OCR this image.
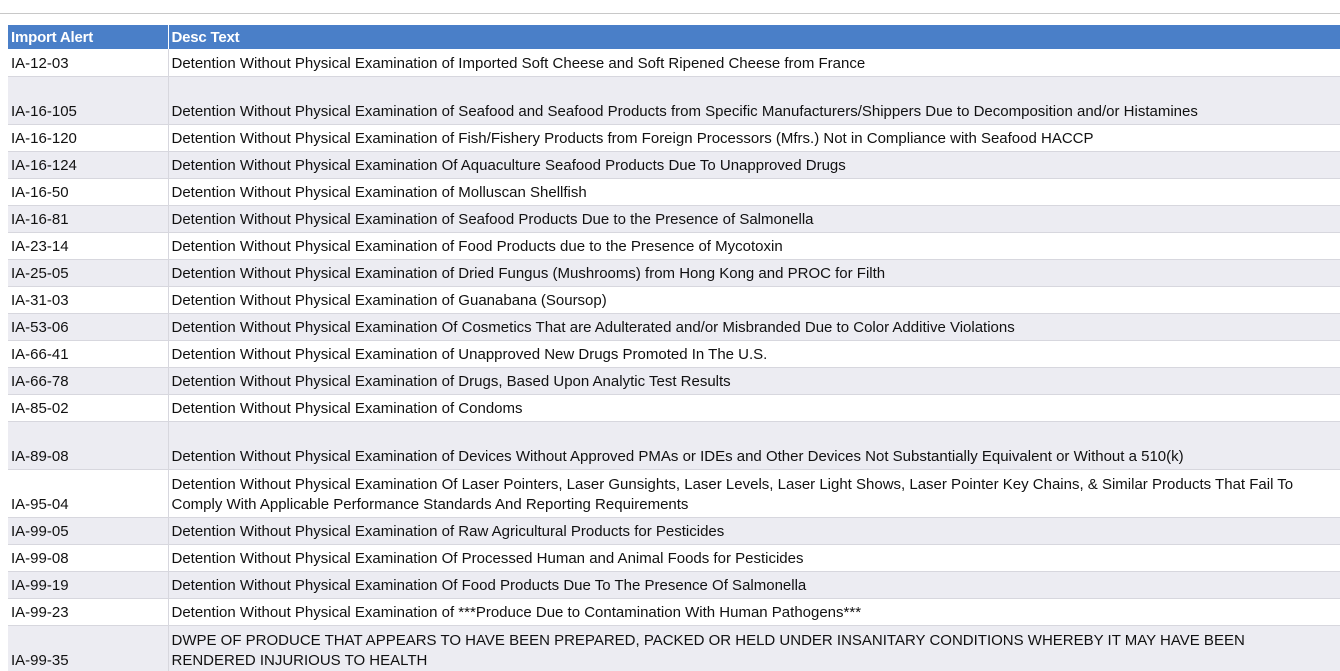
Import Alert	Desc Text
IA-12-03	Detention Without Physical Examination of Imported Soft Cheese and Soft Ripened Cheese from France
IA-16-105	Detention Without Physical Examination of Seafood and Seafood Products from Specific Manufacturers/Shippers Due to Decomposition and/or Histamines
IA-16-120	Detention Without Physical Examination of Fish/Fishery Products from Foreign Processors (Mfrs.) Not in Compliance with Seafood HACCP
IA-16-124	Detention Without Physical Examination Of Aquaculture Seafood Products Due To Unapproved Drugs
IA-16-50	Detention Without Physical Examination of Molluscan Shellfish
IA-16-81	Detention Without Physical Examination of Seafood Products Due to the Presence of Salmonella
IA-23-14	Detention Without Physical Examination of Food Products due to the Presence of Mycotoxin
IA-25-05	Detention Without Physical Examination of Dried Fungus (Mushrooms) from Hong Kong and PROC for Filth
IA-31-03	Detention Without Physical Examination of Guanabana (Soursop)
IA-53-06	Detention Without Physical Examination Of Cosmetics That are Adulterated and/or Misbranded Due to Color Additive Violations
IA-66-41	Detention Without Physical Examination of Unapproved New Drugs Promoted In The U.S.
IA-66-78	Detention Without Physical Examination of Drugs, Based Upon Analytic Test Results
IA-85-02	Detention Without Physical Examination of Condoms
IA-89-08	Detention Without Physical Examination of Devices Without Approved PMAs or IDEs and Other Devices Not Substantially Equivalent or Without a 510(k)
IA-95-04	Detention Without Physical Examination Of Laser Pointers, Laser Gunsights, Laser Levels, Laser Light Shows, Laser Pointer Key Chains, & Similar Products That Fail To Comply With Applicable Performance Standards And Reporting Requirements
IA-99-05	Detention Without Physical Examination of Raw Agricultural Products for Pesticides
IA-99-08	Detention Without Physical Examination Of Processed Human and Animal Foods for Pesticides
IA-99-19	Detention Without Physical Examination Of Food Products Due To The Presence Of Salmonella
IA-99-23	Detention Without Physical Examination of ***Produce Due to Contamination With Human Pathogens***
IA-99-35	DWPE OF PRODUCE THAT APPEARS TO HAVE BEEN PREPARED, PACKED OR HELD UNDER INSANITARY CONDITIONS WHEREBY IT MAY HAVE BEEN RENDERED INJURIOUS TO HEALTH
